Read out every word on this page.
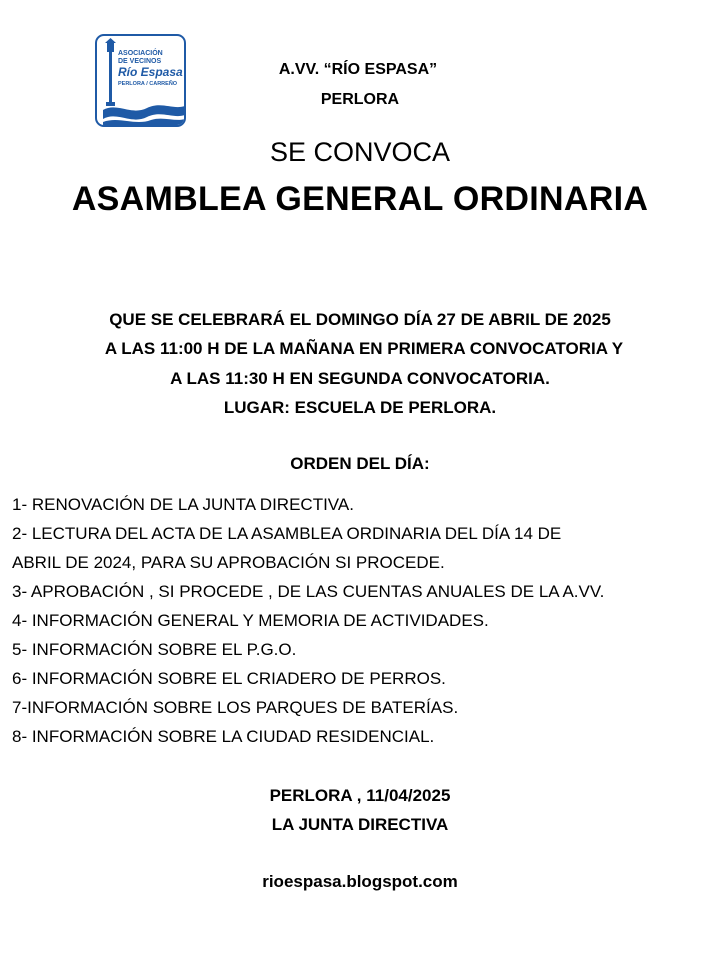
ASOCIACIÓN
DE VECINOS
Río Espasa
PERLORA / CARREÑO
A.VV. “RÍO ESPASA”
PERLORA
SE CONVOCA
ASAMBLEA GENERAL ORDINARIA
QUE SE CELEBRARÁ EL DOMINGO DÍA 27 DE ABRIL DE 2025
A LAS 11:00 H DE LA MAÑANA EN PRIMERA CONVOCATORIA Y
A LAS 11:30 H EN SEGUNDA CONVOCATORIA.
LUGAR: ESCUELA DE PERLORA.
ORDEN DEL DÍA:
1- RENOVACIÓN DE LA JUNTA DIRECTIVA.
2- LECTURA DEL ACTA DE LA ASAMBLEA ORDINARIA DEL DÍA 14 DE
ABRIL DE 2024, PARA SU APROBACIÓN SI PROCEDE.
3- APROBACIÓN , SI PROCEDE , DE LAS CUENTAS ANUALES DE LA A.VV.
4- INFORMACIÓN GENERAL Y MEMORIA DE ACTIVIDADES.
5- INFORMACIÓN SOBRE EL P.G.O.
6- INFORMACIÓN SOBRE EL CRIADERO DE PERROS.
7-INFORMACIÓN SOBRE LOS PARQUES DE BATERÍAS.
8- INFORMACIÓN SOBRE LA CIUDAD RESIDENCIAL.
PERLORA , 11/04/2025
LA JUNTA DIRECTIVA
rioespasa.blogspot.com
